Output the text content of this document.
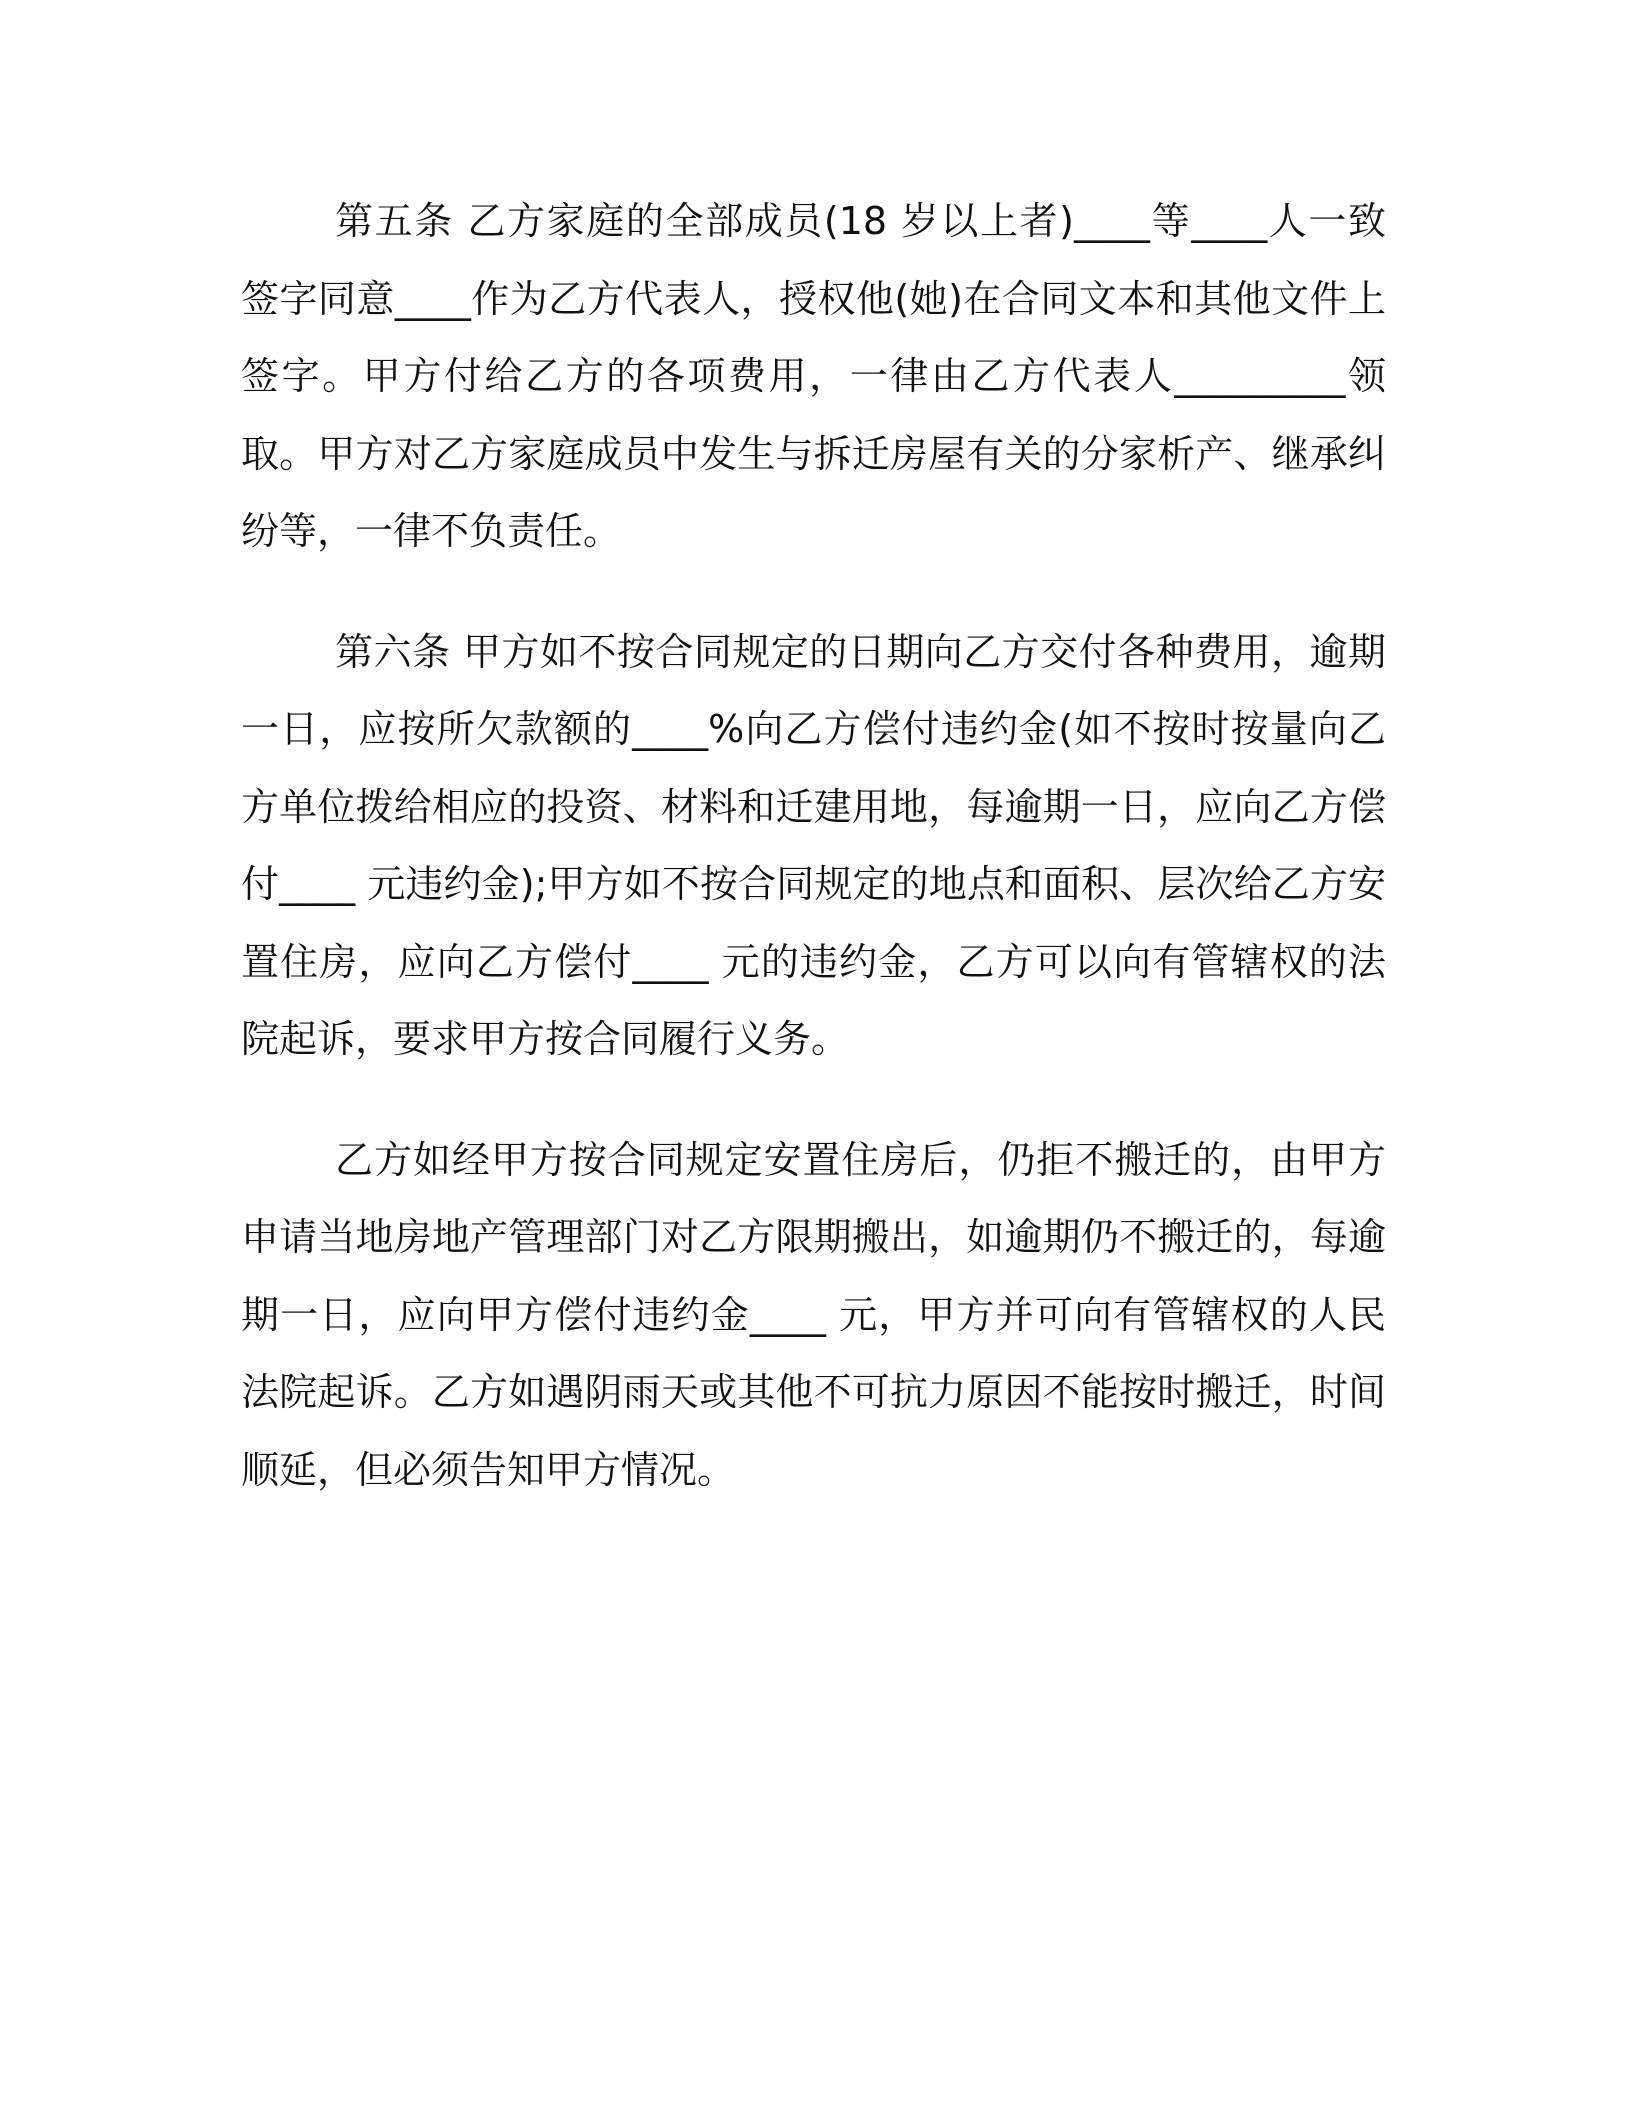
第五条 乙方家庭的全部成员(18 岁以上者)____等____人一致签字同意____作为乙方代表人，授权他(她)在合同文本和其他文件上签字。甲方付给乙方的各项费用，一律由乙方代表人_________领取。甲方对乙方家庭成员中发生与拆迁房屋有关的分家析产、继承纠纷等，一律不负责任。

第六条 甲方如不按合同规定的日期向乙方交付各种费用，逾期一日，应按所欠款额的____%向乙方偿付违约金(如不按时按量向乙方单位拨给相应的投资、材料和迁建用地，每逾期一日，应向乙方偿付____ 元违约金);甲方如不按合同规定的地点和面积、层次给乙方安置住房，应向乙方偿付____ 元的违约金，乙方可以向有管辖权的法院起诉，要求甲方按合同履行义务。

乙方如经甲方按合同规定安置住房后，仍拒不搬迁的，由甲方申请当地房地产管理部门对乙方限期搬出，如逾期仍不搬迁的，每逾期一日，应向甲方偿付违约金____ 元，甲方并可向有管辖权的人民法院起诉。乙方如遇阴雨天或其他不可抗力原因不能按时搬迁，时间顺延，但必须告知甲方情况。
